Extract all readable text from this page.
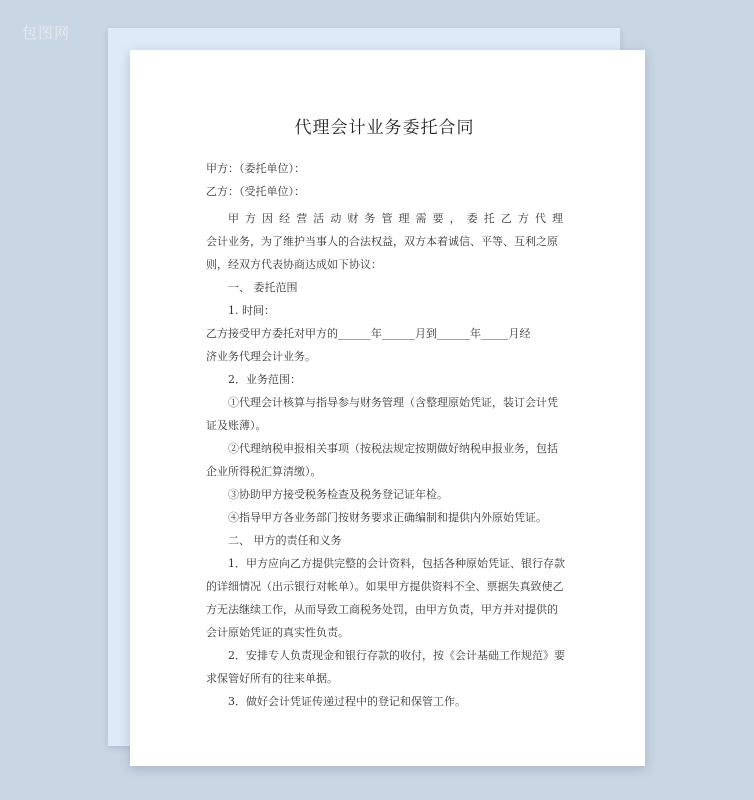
包图网
代理会计业务委托合同
甲方：（委托单位）：
乙方：（受托单位）：
甲方因经营活动财务管理需要，委托乙方代理
会计业务，为了维护当事人的合法权益，双方本着诚信、平等、互利之原
则，经双方代表协商达成如下协议：
一、 委托范围
1. 时间：
乙方接受甲方委托对甲方的______年______月到______年_____月经
济业务代理会计业务。
2．业务范围：
①代理会计核算与指导参与财务管理（含整理原始凭证，装订会计凭
证及账薄）。
②代理纳税申报相关事项（按税法规定按期做好纳税申报业务，包括
企业所得税汇算清缴）。
③协助甲方接受税务检查及税务登记证年检。
④指导甲方各业务部门按财务要求正确编制和提供内外原始凭证。
二、 甲方的责任和义务
1．甲方应向乙方提供完整的会计资料，包括各种原始凭证、银行存款
的详细情况（出示银行对帐单）。如果甲方提供资料不全、票据失真致使乙
方无法继续工作，从而导致工商税务处罚，由甲方负责，甲方并对提供的
会计原始凭证的真实性负责。
2．安排专人负责现金和银行存款的收付，按《会计基础工作规范》要
求保管好所有的往来单据。
3．做好会计凭证传递过程中的登记和保管工作。
